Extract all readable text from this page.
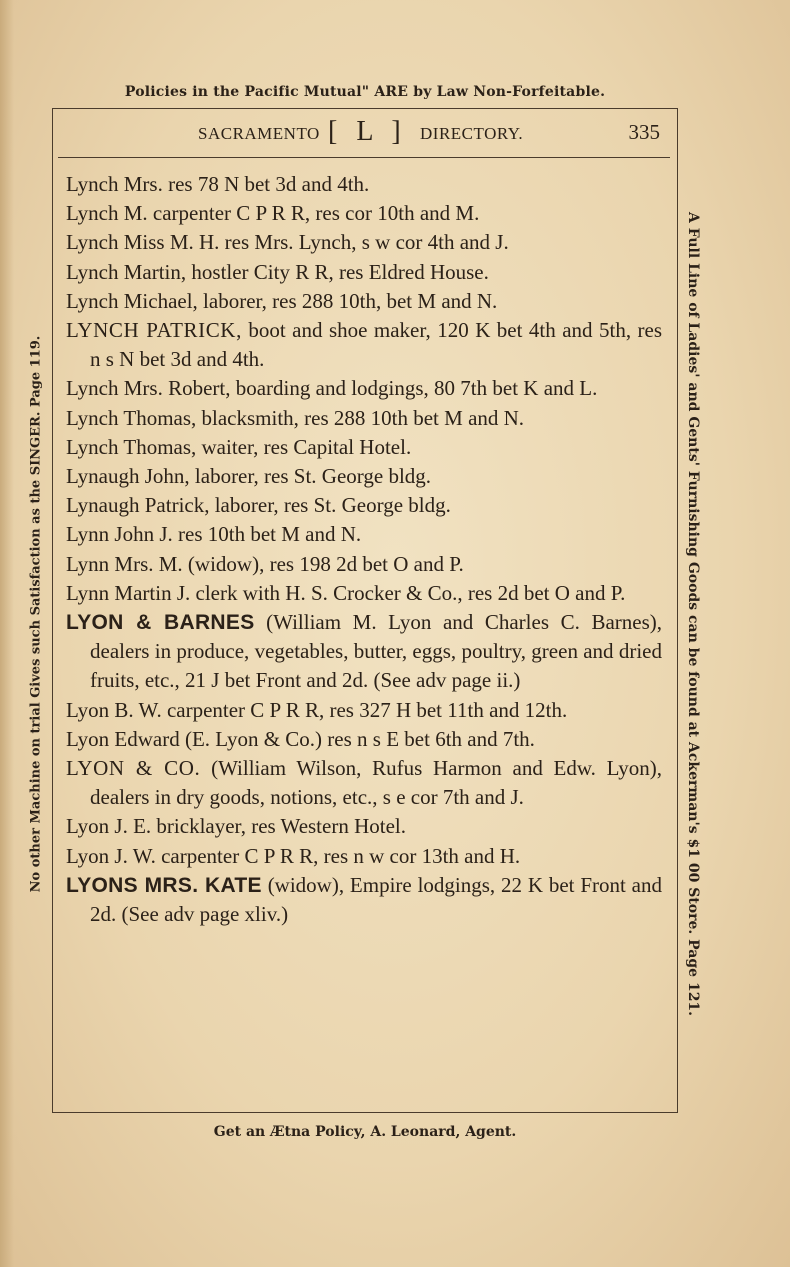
Policies in the Pacific Mutual" ARE by Law Non-Forfeitable.
No other Machine on trial Gives such Satisfaction as the SINGER. Page 119.	A Full Line of Ladies' and Gents' Furnishing Goods can be found at Ackerman's $1 00 Store. Page 121.
SACRAMENTO [ L ] DIRECTORY.	335

Lynch Mrs. res 78 N bet 3d and 4th.

Lynch M. carpenter C P R R, res cor 10th and M.

Lynch Miss M. H. res Mrs. Lynch, s w cor 4th and J.

Lynch Martin, hostler City R R, res Eldred House.

Lynch Michael, laborer, res 288 10th, bet M and N.

LYNCH PATRICK, boot and shoe maker, 120 K bet 4th and 5th, res n s N bet 3d and 4th.

Lynch Mrs. Robert, boarding and lodgings, 80 7th bet K and L.

Lynch Thomas, blacksmith, res 288 10th bet M and N.

Lynch Thomas, waiter, res Capital Hotel.

Lynaugh John, laborer, res St. George bldg.

Lynaugh Patrick, laborer, res St. George bldg.

Lynn John J. res 10th bet M and N.

Lynn Mrs. M. (widow), res 198 2d bet O and P.

Lynn Martin J. clerk with H. S. Crocker & Co., res 2d bet O and P.

LYON & BARNES (William M. Lyon and Charles C. Barnes), dealers in produce, vegetables, butter, eggs, poultry, green and dried fruits, etc., 21 J bet Front and 2d. (See adv page ii.)

Lyon B. W. carpenter C P R R, res 327 H bet 11th and 12th.

Lyon Edward (E. Lyon & Co.) res n s E bet 6th and 7th.

LYON & CO. (William Wilson, Rufus Harmon and Edw. Lyon), dealers in dry goods, notions, etc., s e cor 7th and J.

Lyon J. E. bricklayer, res Western Hotel.

Lyon J. W. carpenter C P R R, res n w cor 13th and H.

LYONS MRS. KATE (widow), Empire lodgings, 22 K bet Front and 2d. (See adv page xliv.)

Get an Ætna Policy, A. Leonard, Agent.
